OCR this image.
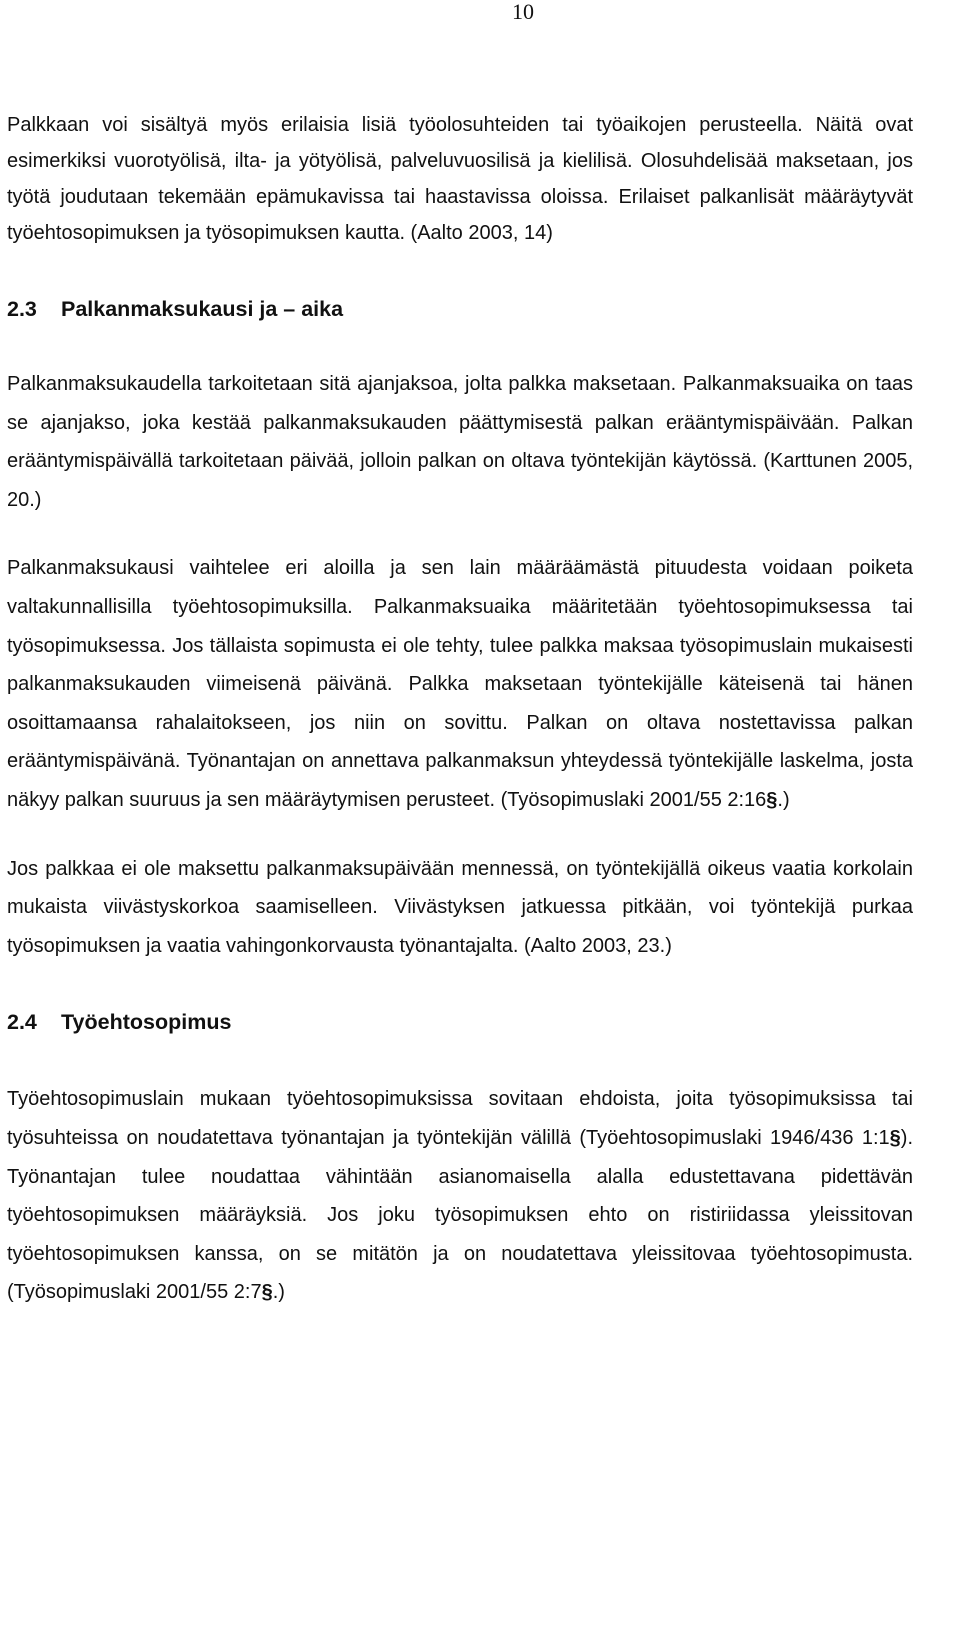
10

Palkkaan voi sisältyä myös erilaisia lisiä työolosuhteiden tai työaikojen perusteella. Näitä ovat esimerkiksi vuorotyölisä, ilta- ja yötyölisä, palveluvuosilisä ja kielilisä. Olosuhdelisää maksetaan, jos työtä joudutaan tekemään epämukavissa tai haastavissa oloissa. Erilaiset palkanlisät määräytyvät työehtosopimuksen ja työsopimuksen kautta. (Aalto 2003, 14)

2.3 Palkanmaksukausi ja – aika

Palkanmaksukaudella tarkoitetaan sitä ajanjaksoa, jolta palkka maksetaan. Palkanmaksuaika on taas se ajanjakso, joka kestää palkanmaksukauden päättymisestä palkan erääntymispäivään. Palkan erääntymispäivällä tarkoitetaan päivää, jolloin palkan on oltava työntekijän käytössä. (Karttunen 2005, 20.)

Palkanmaksukausi vaihtelee eri aloilla ja sen lain määräämästä pituudesta voidaan poiketa valtakunnallisilla työehtosopimuksilla. Palkanmaksuaika määritetään työehtosopimuksessa tai työsopimuksessa. Jos tällaista sopimusta ei ole tehty, tulee palkka maksaa työsopimuslain mukaisesti palkanmaksukauden viimeisenä päivänä. Palkka maksetaan työntekijälle käteisenä tai hänen osoittamaansa rahalaitokseen, jos niin on sovittu. Palkan on oltava nostettavissa palkan erääntymispäivänä. Työnantajan on annettava palkanmaksun yhteydessä työntekijälle laskelma, josta näkyy palkan suuruus ja sen määräytymisen perusteet. (Työsopimuslaki 2001/55 2:16§.)

Jos palkkaa ei ole maksettu palkanmaksupäivään mennessä, on työntekijällä oikeus vaatia korkolain mukaista viivästyskorkoa saamiselleen. Viivästyksen jatkuessa pitkään, voi työntekijä purkaa työsopimuksen ja vaatia vahingonkorvausta työnantajalta. (Aalto 2003, 23.)

2.4 Työehtosopimus

Työehtosopimuslain mukaan työehtosopimuksissa sovitaan ehdoista, joita työsopimuksissa tai työsuhteissa on noudatettava työnantajan ja työntekijän välillä (Työehtosopimuslaki 1946/436 1:1§). Työnantajan tulee noudattaa vähintään asianomaisella alalla edustettavana pidettävän työehtosopimuksen määräyksiä. Jos joku työsopimuksen ehto on ristiriidassa yleissitovan työehtosopimuksen kanssa, on se mitätön ja on noudatettava yleissitovaa työehtosopimusta. (Työsopimuslaki 2001/55 2:7§.)
